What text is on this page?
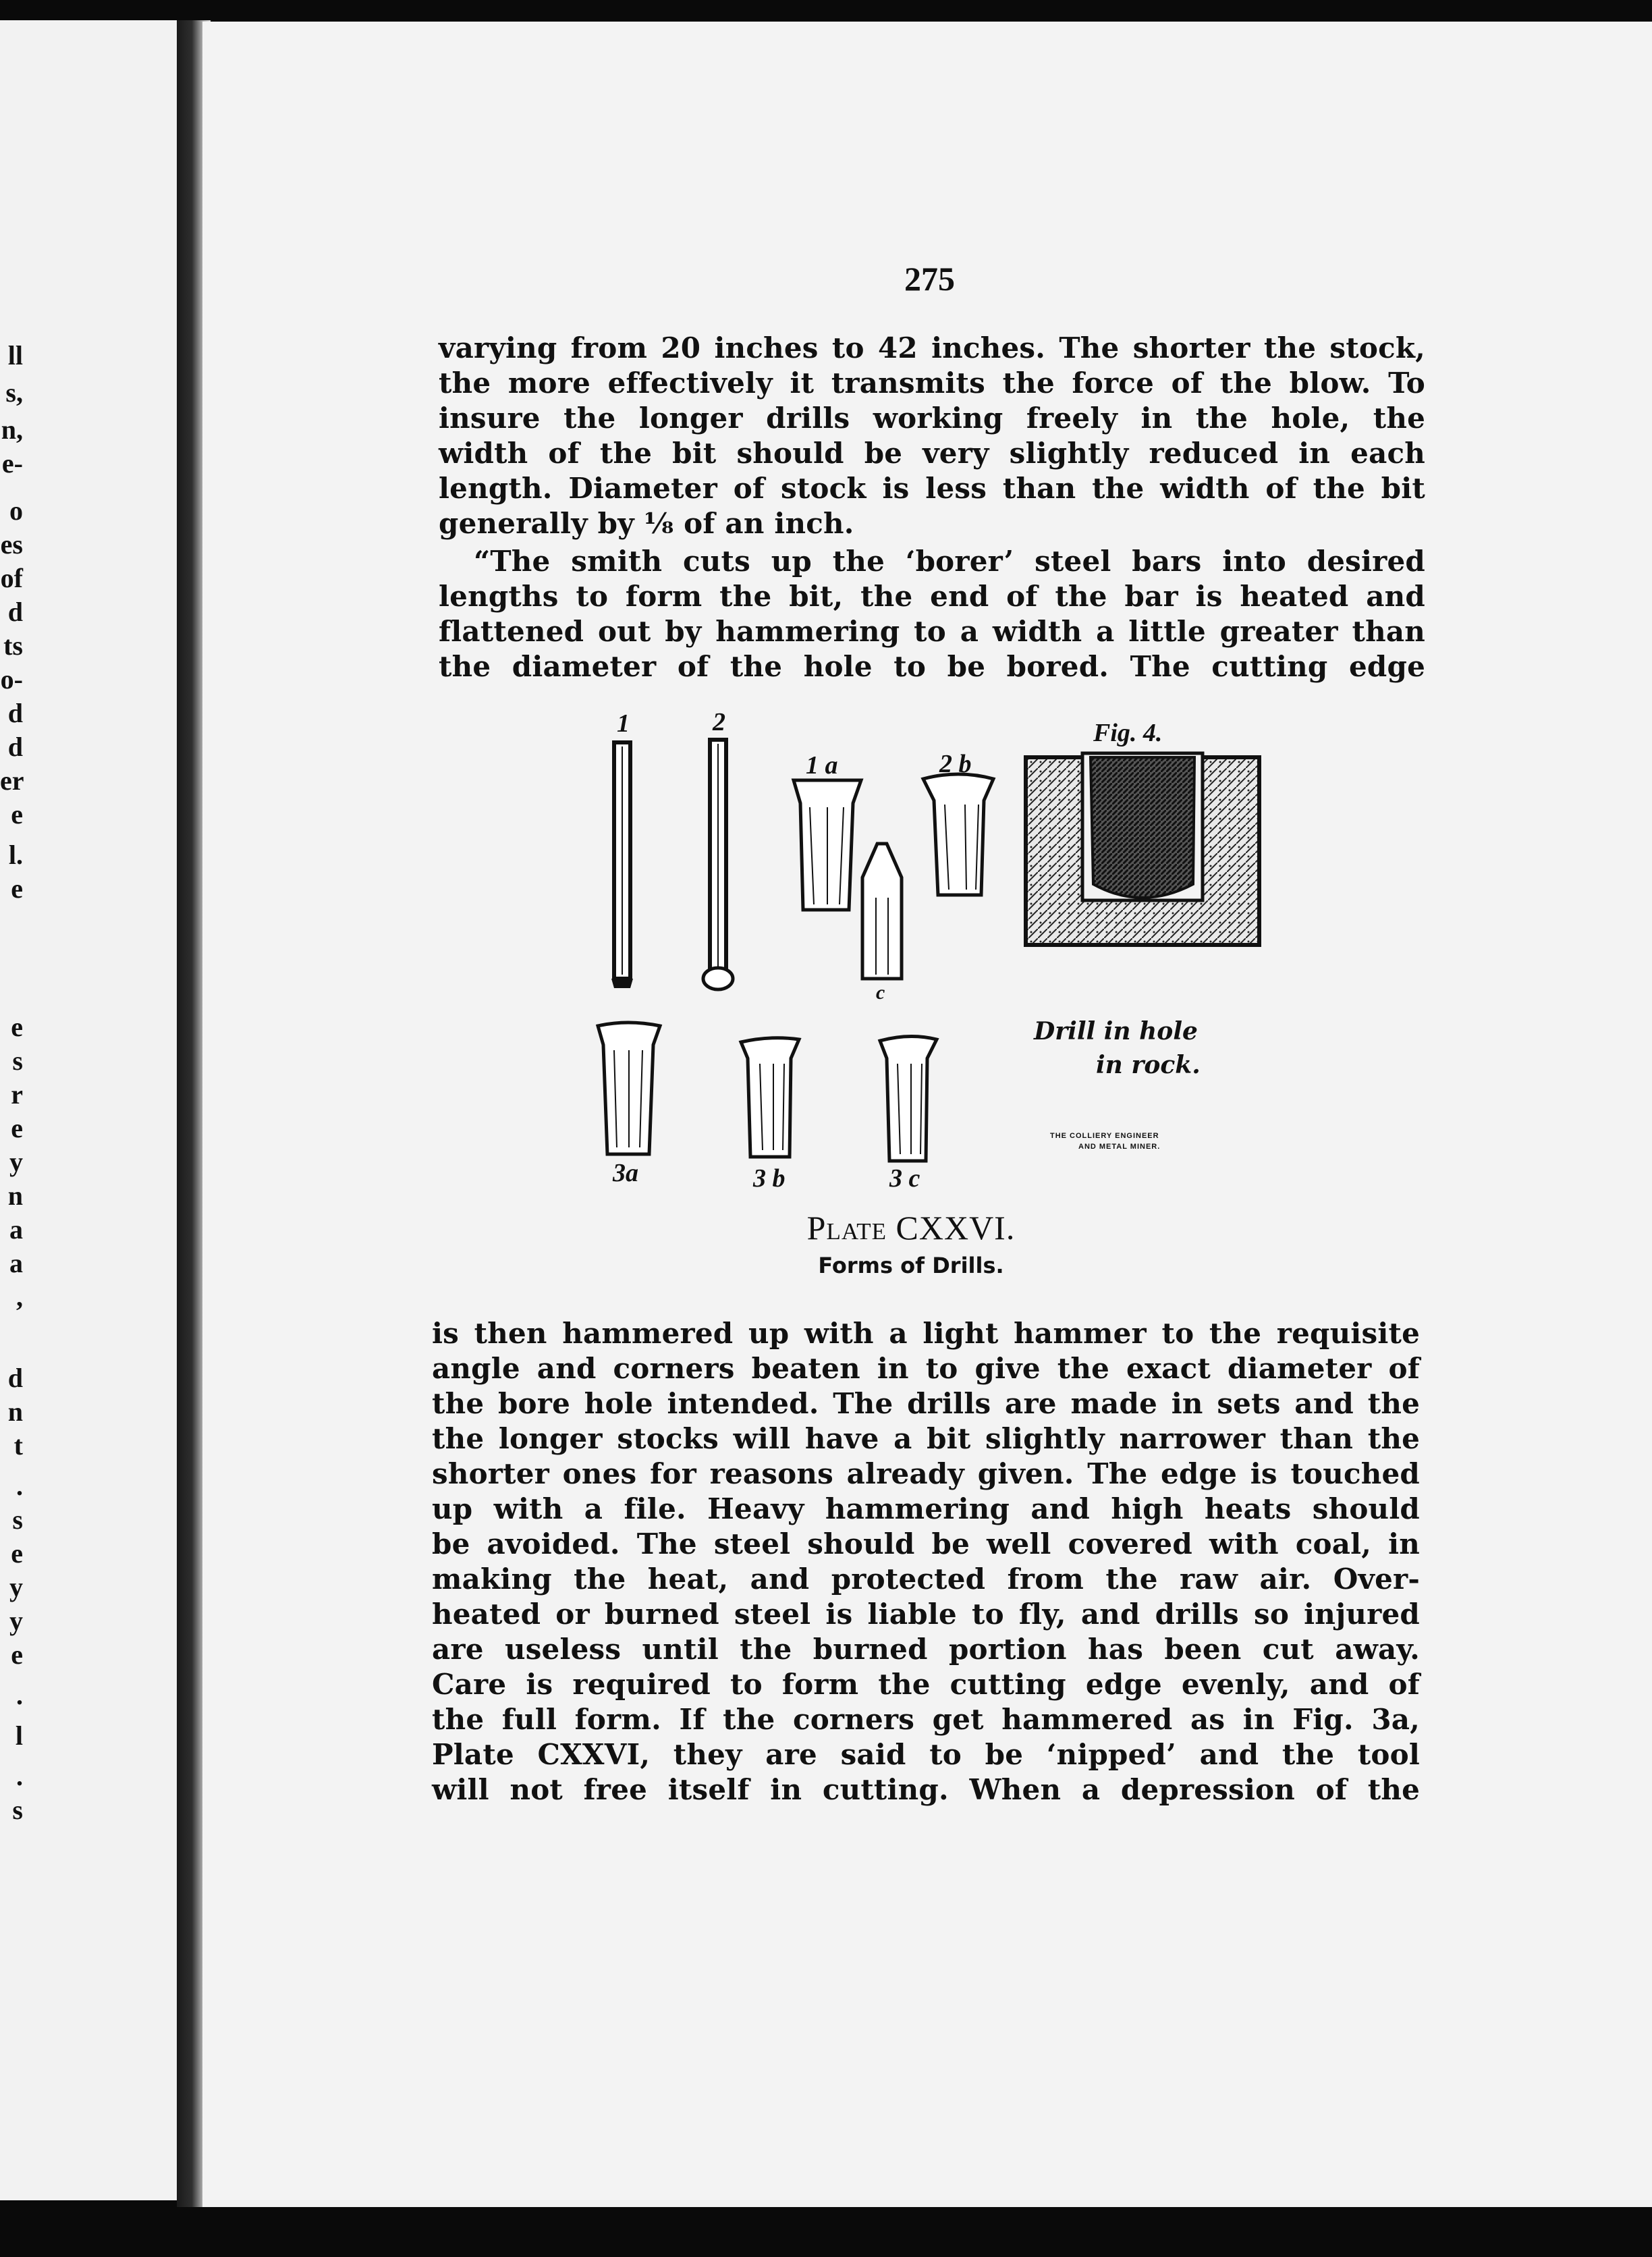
ll
s,
n,
e-
o
es
of
d
ts
o-
d
d
er
e
l.
e
e
s
r
e
y
n
a
a
,
d
n
t
.
s
e
y
y
e
.
l
.
s
275
varying from 20 inches to 42 inches. The shorter the stock,
the more effectively it transmits the force of the blow. To
insure the longer drills working freely in the hole, the
width of the bit should be very slightly reduced in each
length. Diameter of stock is less than the width of the bit
generally by ⅛ of an inch.
“The smith cuts up the ‘borer’ steel bars into desired
lengths to form the bit, the end of the bar is heated and
flattened out by hammering to a width a little greater than
the diameter of the hole to be bored. The cutting edge
1	2
1 a	2 b
c
Fig. 4.
3a	3 b	3 c
Drill in hole
in rock.
THE COLLIERY ENGINEER
AND METAL MINER.
Plate CXXVI.
Forms of Drills.
is then hammered up with a light hammer to the requisite
angle and corners beaten in to give the exact diameter of
the bore hole intended. The drills are made in sets and the
the longer stocks will have a bit slightly narrower than the
shorter ones for reasons already given. The edge is touched
up with a file. Heavy hammering and high heats should
be avoided. The steel should be well covered with coal, in
making the heat, and protected from the raw air. Over-
heated or burned steel is liable to fly, and drills so injured
are useless until the burned portion has been cut away.
Care is required to form the cutting edge evenly, and of
the full form. If the corners get hammered as in Fig. 3a,
Plate CXXVI, they are said to be ‘nipped’ and the tool
will not free itself in cutting. When a depression of the
